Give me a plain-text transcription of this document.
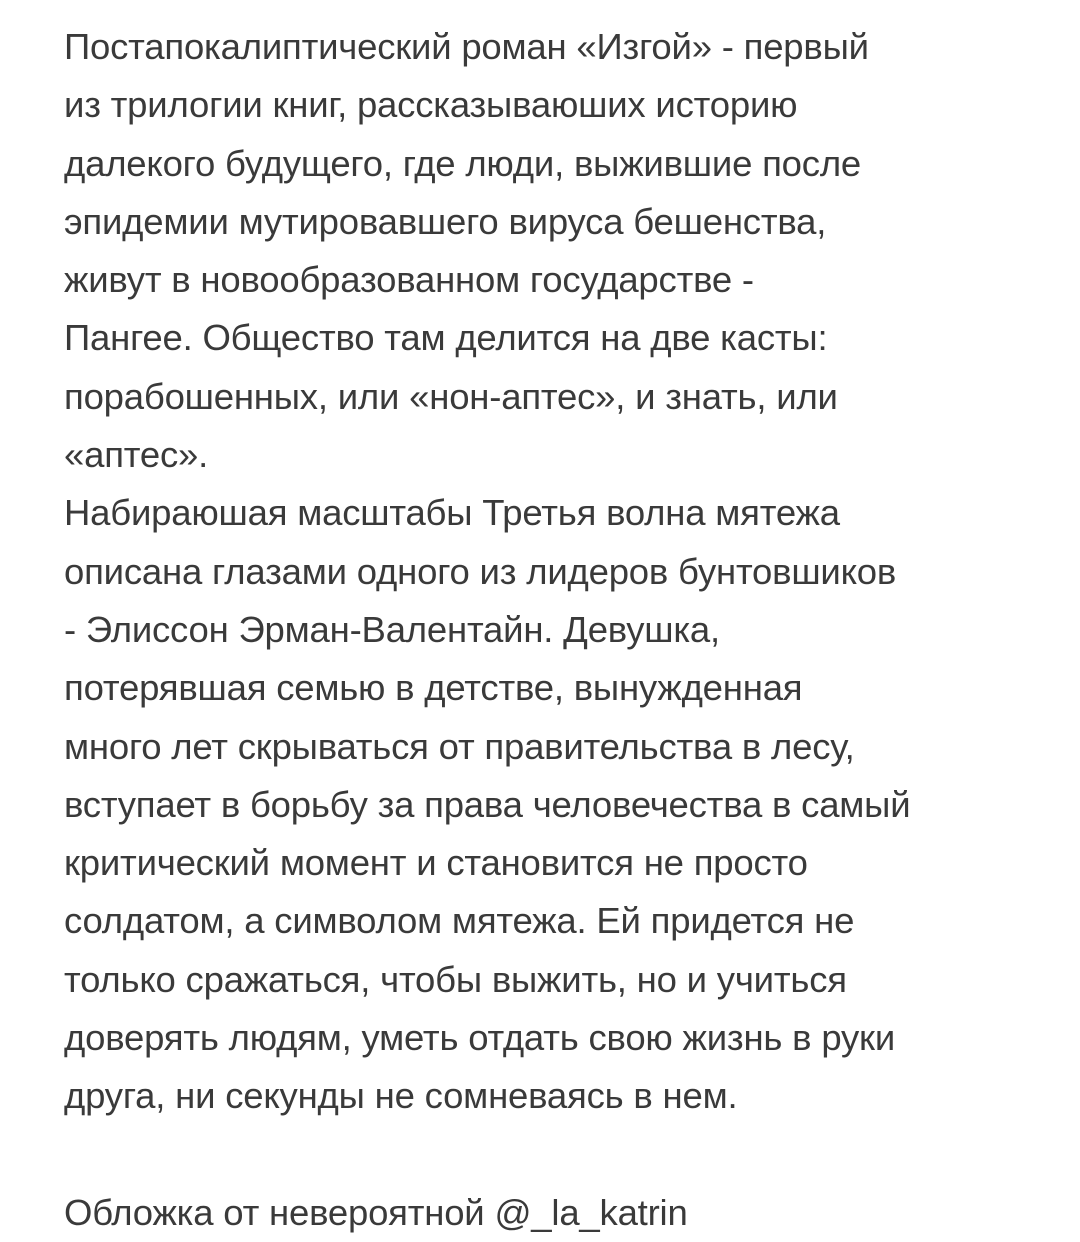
Постапокалиптический роман «Изгой» - первый
из трилогии книг, рассказываюших историю
далекого будущего, где люди, выжившие после
эпидемии мутировавшего вируса бешенства,
живут в новообразованном государстве -
Пангее. Общество там делится на две касты:
порабошенных, или «нон-аптес», и знать, или
«аптес».
Набираюшая масштабы Третья волна мятежа
описана глазами одного из лидеров бунтовшиков
- Элиссон Эрман-Валентайн. Девушка,
потерявшая семью в детстве, вынужденная
много лет скрываться от правительства в лесу,
вступает в борьбу за права человечества в самый
критический момент и становится не просто
солдатом, а символом мятежа. Ей придется не
только сражаться, чтобы выжить, но и учиться
доверять людям, уметь отдать свою жизнь в руки
друга, ни секунды не сомневаясь в нем.
Обложка от невероятной @_la_katrin
